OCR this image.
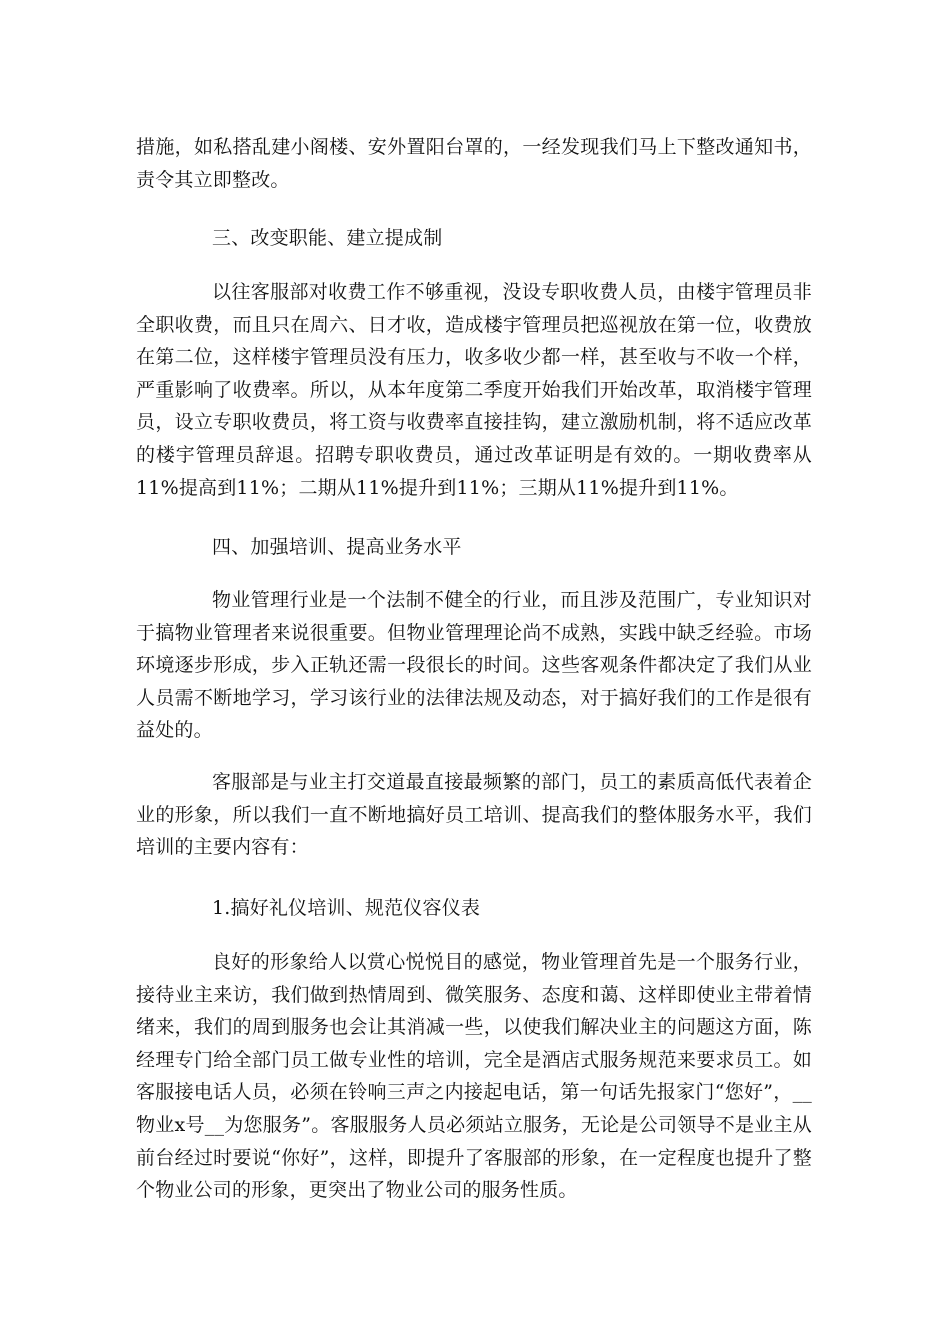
措施，如私搭乱建小阁楼、安外置阳台罩的，一经发现我们马上下整改通知书，责令其立即整改。

三、改变职能、建立提成制

以往客服部对收费工作不够重视，没设专职收费人员，由楼宇管理员非全职收费，而且只在周六、日才收，造成楼宇管理员把巡视放在第一位，收费放在第二位，这样楼宇管理员没有压力，收多收少都一样，甚至收与不收一个样，严重影响了收费率。所以，从本年度第二季度开始我们开始改革，取消楼宇管理员，设立专职收费员，将工资与收费率直接挂钩，建立激励机制，将不适应改革的楼宇管理员辞退。招聘专职收费员，通过改革证明是有效的。一期收费率从11%提高到11%；二期从11%提升到11%；三期从11%提升到11%。

四、加强培训、提高业务水平

物业管理行业是一个法制不健全的行业，而且涉及范围广，专业知识对于搞物业管理者来说很重要。但物业管理理论尚不成熟，实践中缺乏经验。市场环境逐步形成，步入正轨还需一段很长的时间。这些客观条件都决定了我们从业人员需不断地学习，学习该行业的法律法规及动态，对于搞好我们的工作是很有益处的。

客服部是与业主打交道最直接最频繁的部门，员工的素质高低代表着企业的形象，所以我们一直不断地搞好员工培训、提高我们的整体服务水平，我们培训的主要内容有：

1.搞好礼仪培训、规范仪容仪表

良好的形象给人以赏心悦悦目的感觉，物业管理首先是一个服务行业，接待业主来访，我们做到热情周到、微笑服务、态度和蔼、这样即使业主带着情绪来，我们的周到服务也会让其消减一些，以使我们解决业主的问题这方面，陈经理专门给全部门员工做专业性的培训，完全是酒店式服务规范来要求员工。如客服接电话人员，必须在铃响三声之内接起电话，第一句话先报家门“您好”，__物业x号__为您服务”。客服服务人员必须站立服务，无论是公司领导不是业主从前台经过时要说“你好”，这样，即提升了客服部的形象，在一定程度也提升了整个物业公司的形象，更突出了物业公司的服务性质。
